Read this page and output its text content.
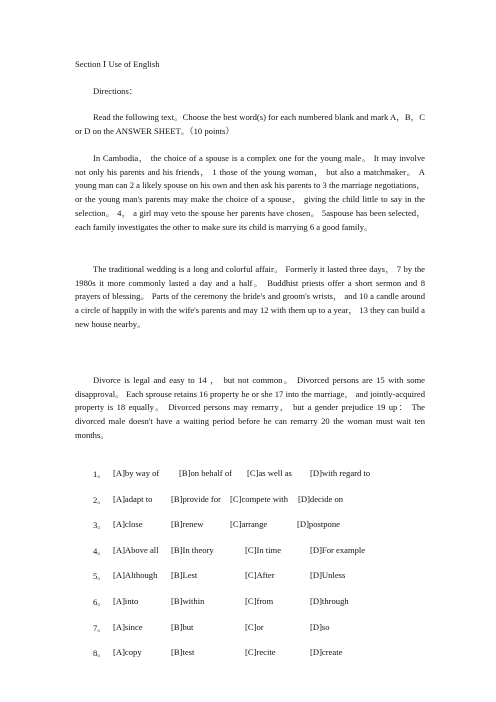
Section Ⅰ Use of English
Directions：

Read the following text。Choose the best word(s) for each numbered blank and mark A，B，C or D on the ANSWER SHEET。（10 points）

In Cambodia， the choice of a spouse is a complex one for the young male。 It may involve not only his parents and his friends， 1 those of the young woman， but also a matchmaker。 A young man can 2 a likely spouse on his own and then ask his parents to 3 the marriage negotiations， or the young man's parents may make the choice of a spouse， giving the child little to say in the selection。 4， a girl may veto the spouse her parents have chosen。 5aspouse has been selected， each family investigates the other to make sure its child is marrying 6 a good family。

The traditional wedding is a long and colorful affair。 Formerly it lasted three days， 7 by the 1980s it more commonly lasted a day and a half。 Buddhist priests offer a short sermon and 8 prayers of blessing。 Parts of the ceremony the bride's and groom's wrists， and 10 a candle around a circle of happily in with the wife's parents and may 12 with them up to a year， 13 they can build a new house nearby。

Divorce is legal and easy to 14 ， but not common。 Divorced persons are 15 with some disapproval。 Each sprouse retains 16 property he or she 17 into the marriage， and jointly-acquired property is 18 equally。 Divorced persons may remarry， but a gender prejudice 19 up： The divorced male doesn't have a waiting period before he can remarry 20 the woman must wait ten months。

1。 [A]by way of	[B]on behalf of	[C]as well as	[D]with regard to
2。 [A]adapt to	[B]provide for	[C]compete with	[D]decide on
3。 [A]close	[B]renew	[C]arrange	[D]postpone
4。 [A]Above all	[B]In theory	[C]In time	[D]For example
5。 [A]Although	[B]Lest	[C]After	[D]Unless
6。 [A]into	[B]within	[C]from	[D]through
7。 [A]since	[B]but	[C]or	[D]so
8。 [A]copy	[B]test	[C]recite	[D]create
